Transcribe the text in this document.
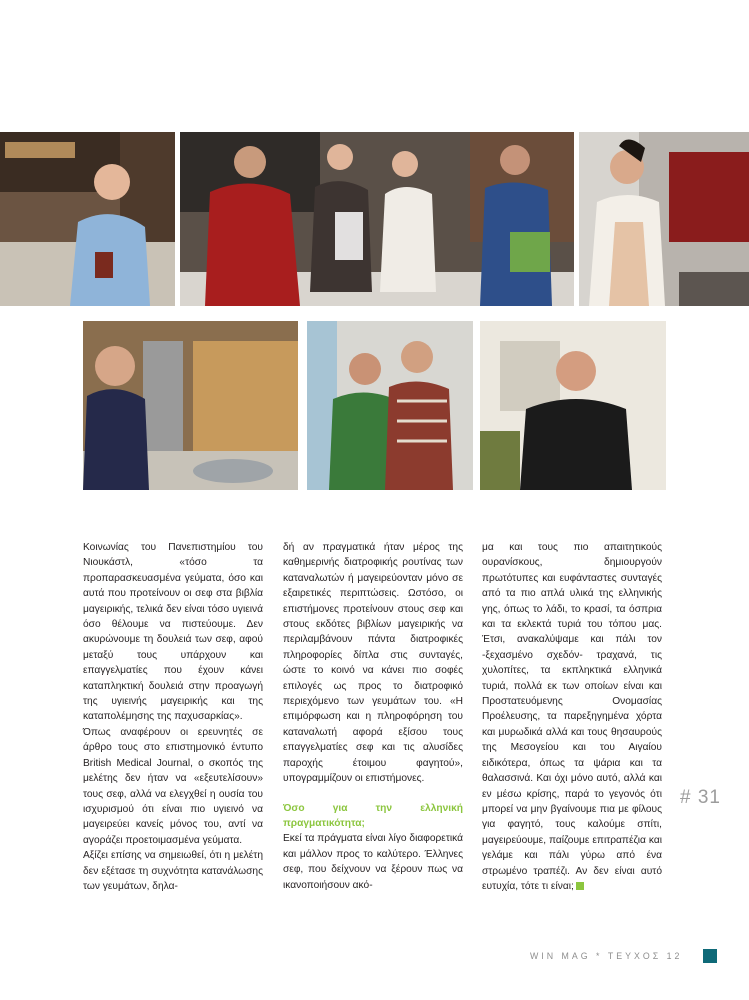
Κοινωνίας του Πανεπιστημίου του Νιουκάστλ, «τόσο τα προπαρασκευασμένα γεύματα, όσο και αυτά που προτείνουν οι σεφ στα βιβλία μαγειρικής, τελικά δεν είναι τόσο υγιεινά όσο θέλουμε να πιστεύουμε. Δεν ακυρώνουμε τη δουλειά των σεφ, αφού μεταξύ τους υπάρχουν και επαγγελματίες που έχουν κάνει καταπληκτική δουλειά στην προαγωγή της υγιεινής μαγειρικής και της καταπολέμησης της παχυσαρκίας».

Όπως αναφέρουν οι ερευνητές σε άρθρο τους στο επιστημονικό έντυπο British Medical Journal, ο σκοπός της μελέτης δεν ήταν να «εξευτελίσουν» τους σεφ, αλλά να ελεγχθεί η ουσία του ισχυρισμού ότι είναι πιο υγιεινό να μαγειρεύει κανείς μόνος του, αντί να αγοράζει προετοιμασμένα γεύματα.

Αξίζει επίσης να σημειωθεί, ότι η μελέτη δεν εξέτασε τη συχνότητα κατανάλωσης των γευμάτων, δηλα-

δή αν πραγματικά ήταν μέρος της καθημερινής διατροφικής ρουτίνας των καταναλωτών ή μαγειρεύονταν μόνο σε εξαιρετικές περιπτώσεις. Ωστόσο, οι επιστήμονες προτείνουν στους σεφ και στους εκδότες βιβλίων μαγειρικής να περιλαμβάνουν πάντα διατροφικές πληροφορίες δίπλα στις συνταγές, ώστε το κοινό να κάνει πιο σοφές επιλογές ως προς το διατροφικό περιεχόμενο των γευμάτων του. «Η επιμόρφωση και η πληροφόρηση του καταναλωτή αφορά εξίσου τους επαγγελματίες σεφ και τις αλυσίδες παροχής έτοιμου φαγητού», υπογραμμίζουν οι επιστήμονες.

Όσο για την ελληνική πραγματικότητα;

Εκεί τα πράγματα είναι λίγο διαφορετικά και μάλλον προς το καλύτερο. Έλληνες σεφ, που δείχνουν να ξέρουν πως να ικανοποιήσουν ακό-

μα και τους πιο απαιτητικούς ουρανίσκους, δημιουργούν πρωτότυπες και ευφάνταστες συνταγές από τα πιο απλά υλικά της ελληνικής γης, όπως το λάδι, το κρασί, τα όσπρια και τα εκλεκτά τυριά του τόπου μας. Έτσι, ανακαλύψαμε και πάλι τον -ξεχασμένο σχεδόν- τραχανά, τις χυλοπίτες, τα εκπληκτικά ελληνικά τυριά, πολλά εκ των οποίων είναι και Προστατευόμενης Ονομασίας Προέλευσης, τα παρεξηγημένα χόρτα και μυρωδικά αλλά και τους θησαυρούς της Μεσογείου και του Αιγαίου ειδικότερα, όπως τα ψάρια και τα θαλασσινά. Και όχι μόνο αυτό, αλλά και εν μέσω κρίσης, παρά το γεγονός ότι μπορεί να μην βγαίνουμε πια με φίλους για φαγητό, τους καλούμε σπίτι, μαγειρεύουμε, παίζουμε επιτραπέζια και γελάμε και πάλι γύρω από ένα στρωμένο τραπέζι. Αν δεν είναι αυτό ευτυχία, τότε τι είναι;

# 31
WIN MAG * ΤΕΥΧΟΣ 12
